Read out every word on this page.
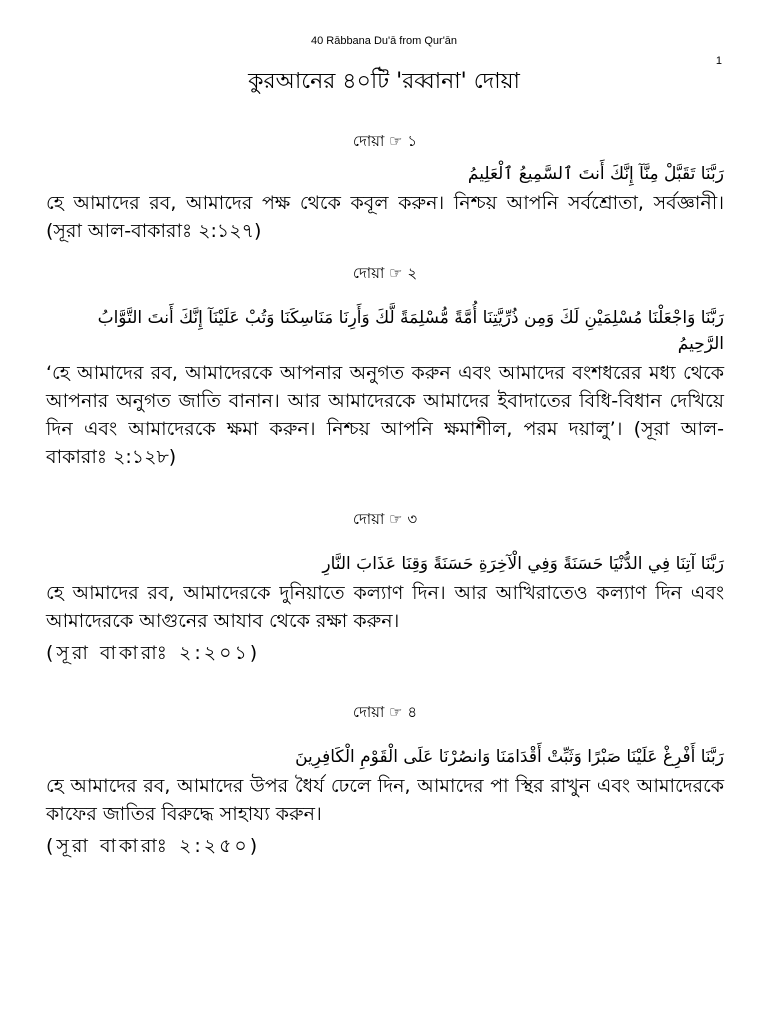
40 Rābbana Du'ā from Qur'ān
1
কুরআনের ৪০টি 'রব্বানা' দোয়া
দোয়া ☞ ১

رَبَّنَا تَقَبَّلْ مِنَّآ إِنَّكَ أَنتَ ٱلسَّمِيعُ ٱلْعَلِيمُ

হে আমাদের রব, আমাদের পক্ষ থেকে কবূল করুন। নিশ্চয় আপনি সর্বশ্রোতা, সর্বজ্ঞানী। (সূরা আল-বাকারাঃ ২:১২৭)

দোয়া ☞ ২

رَبَّنَا وَاجْعَلْنَا مُسْلِمَيْنِ لَكَ وَمِن ذُرِّيَّتِنَا أُمَّةً مُّسْلِمَةً لَّكَ وَأَرِنَا مَنَاسِكَنَا وَتُبْ عَلَيْنَآ إِنَّكَ أَنتَ التَّوَّابُ الرَّحِيمُ

‘হে আমাদের রব, আমাদেরকে আপনার অনুগত করুন এবং আমাদের বংশধরের মধ্য থেকে আপনার অনুগত জাতি বানান। আর আমাদেরকে আমাদের ইবাদাতের বিধি-বিধান দেখিয়ে দিন এবং আমাদেরকে ক্ষমা করুন। নিশ্চয় আপনি ক্ষমাশীল, পরম দয়ালু’। (সূরা আল-বাকারাঃ ২:১২৮)

দোয়া ☞ ৩

رَبَّنَا آتِنَا فِي الدُّنْيَا حَسَنَةً وَفِي الْآخِرَةِ حَسَنَةً وَقِنَا عَذَابَ النَّارِ

হে আমাদের রব, আমাদেরকে দুনিয়াতে কল্যাণ দিন। আর আখিরাতেও কল্যাণ দিন এবং আমাদেরকে আগুনের আযাব থেকে রক্ষা করুন।

(সূরা বাকারাঃ ২:২০১)

দোয়া ☞ ৪

رَبَّنَا أَفْرِغْ عَلَيْنَا صَبْرًا وَثَبِّتْ أَقْدَامَنَا وَانصُرْنَا عَلَى الْقَوْمِ الْكَافِرِينَ

হে আমাদের রব, আমাদের উপর ধৈর্য ঢেলে দিন, আমাদের পা স্থির রাখুন এবং আমাদেরকে কাফের জাতির বিরুদ্ধে সাহায্য করুন।

(সূরা বাকারাঃ ২:২৫০)
